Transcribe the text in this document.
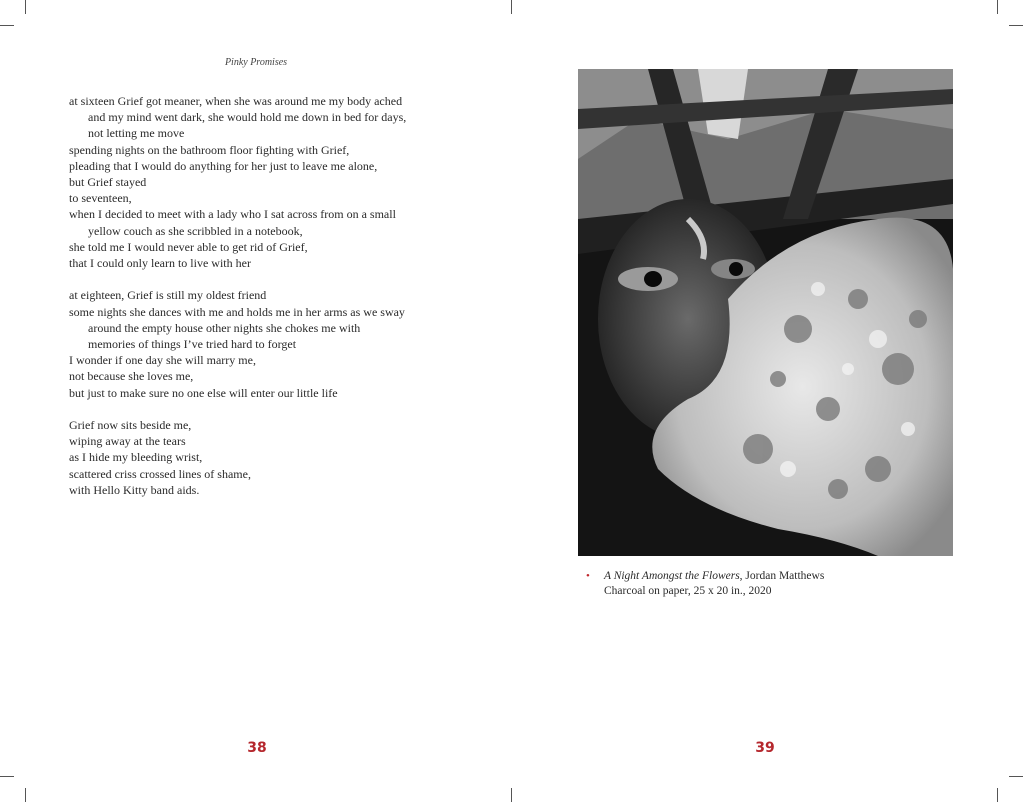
Pinky Promises
at sixteen Grief got meaner, when she was around me my body ached
and my mind went dark, she would hold me down in bed for days,
not letting me move
spending nights on the bathroom floor fighting with Grief,
pleading that I would do anything for her just to leave me alone,
but Grief stayed
to seventeen,
when I decided to meet with a lady who I sat across from on a small
yellow couch as she scribbled in a notebook,
she told me I would never able to get rid of Grief,
that I could only learn to live with her
at eighteen, Grief is still my oldest friend
some nights she dances with me and holds me in her arms as we sway
around the empty house other nights she chokes me with
memories of things I’ve tried hard to forget
I wonder if one day she will marry me,
not because she loves me,
but just to make sure no one else will enter our little life
Grief now sits beside me,
wiping away at the tears
as I hide my bleeding wrist,
scattered criss crossed lines of shame,
with Hello Kitty band aids.
38
•	A Night Amongst the Flowers, Jordan Matthews
Charcoal on paper, 25 x 20 in., 2020
39
